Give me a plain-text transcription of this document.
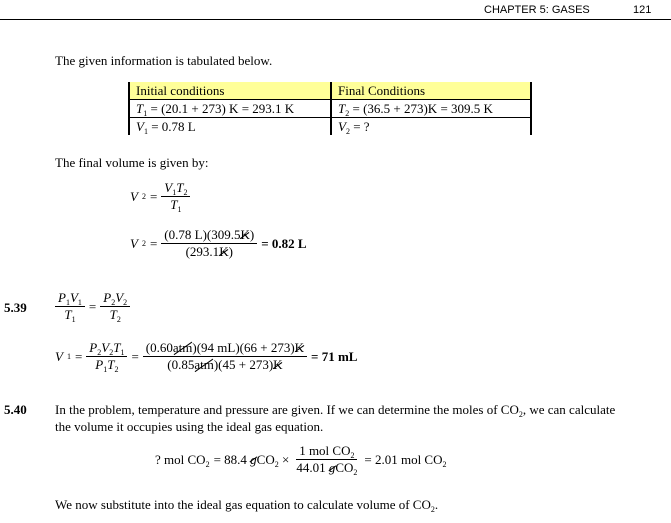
CHAPTER 5: GASES	121
The given information is tabulated below.
Initial conditions	Final Conditions
$T_1 = (20.1 + 273) K = 293.1$ K	$T_2 = (36.5 + 273)K = 309.5$ K
$V_1 = 0.78$ L	$V_2$ = ?
The final volume is given by:
V $2 = \frac{V_1T_2}{T_1}$
V $2 = \frac{(0.78 L)(309.5K)}{(293.1K)} = 0.82$ L
$5.39 \frac{P_1V_1}{T_1} = \frac{P_2V_2}{T_2}$
V $1 = \frac{P_2V_2T_1}{P_1T_2} = \frac{\text{(0.60atm)(94 mL)(66 + 273)K}}{\text{(0.85atm)(45 + 273)K}} = 71$ mL
5.40 In the problem, temperature and pressure are given. If we can determine the moles of $CO_2$, we can calculate
the volume it occupies using the ideal gas equation.
? mol $CO_2 = 88.4$ $gCO_2 \times \frac{1 mol CO_2}{44.01 gCO_2} = 2.01$ mol $CO_2$
We now substitute into the ideal gas equation to calculate volume of $CO_2$.
